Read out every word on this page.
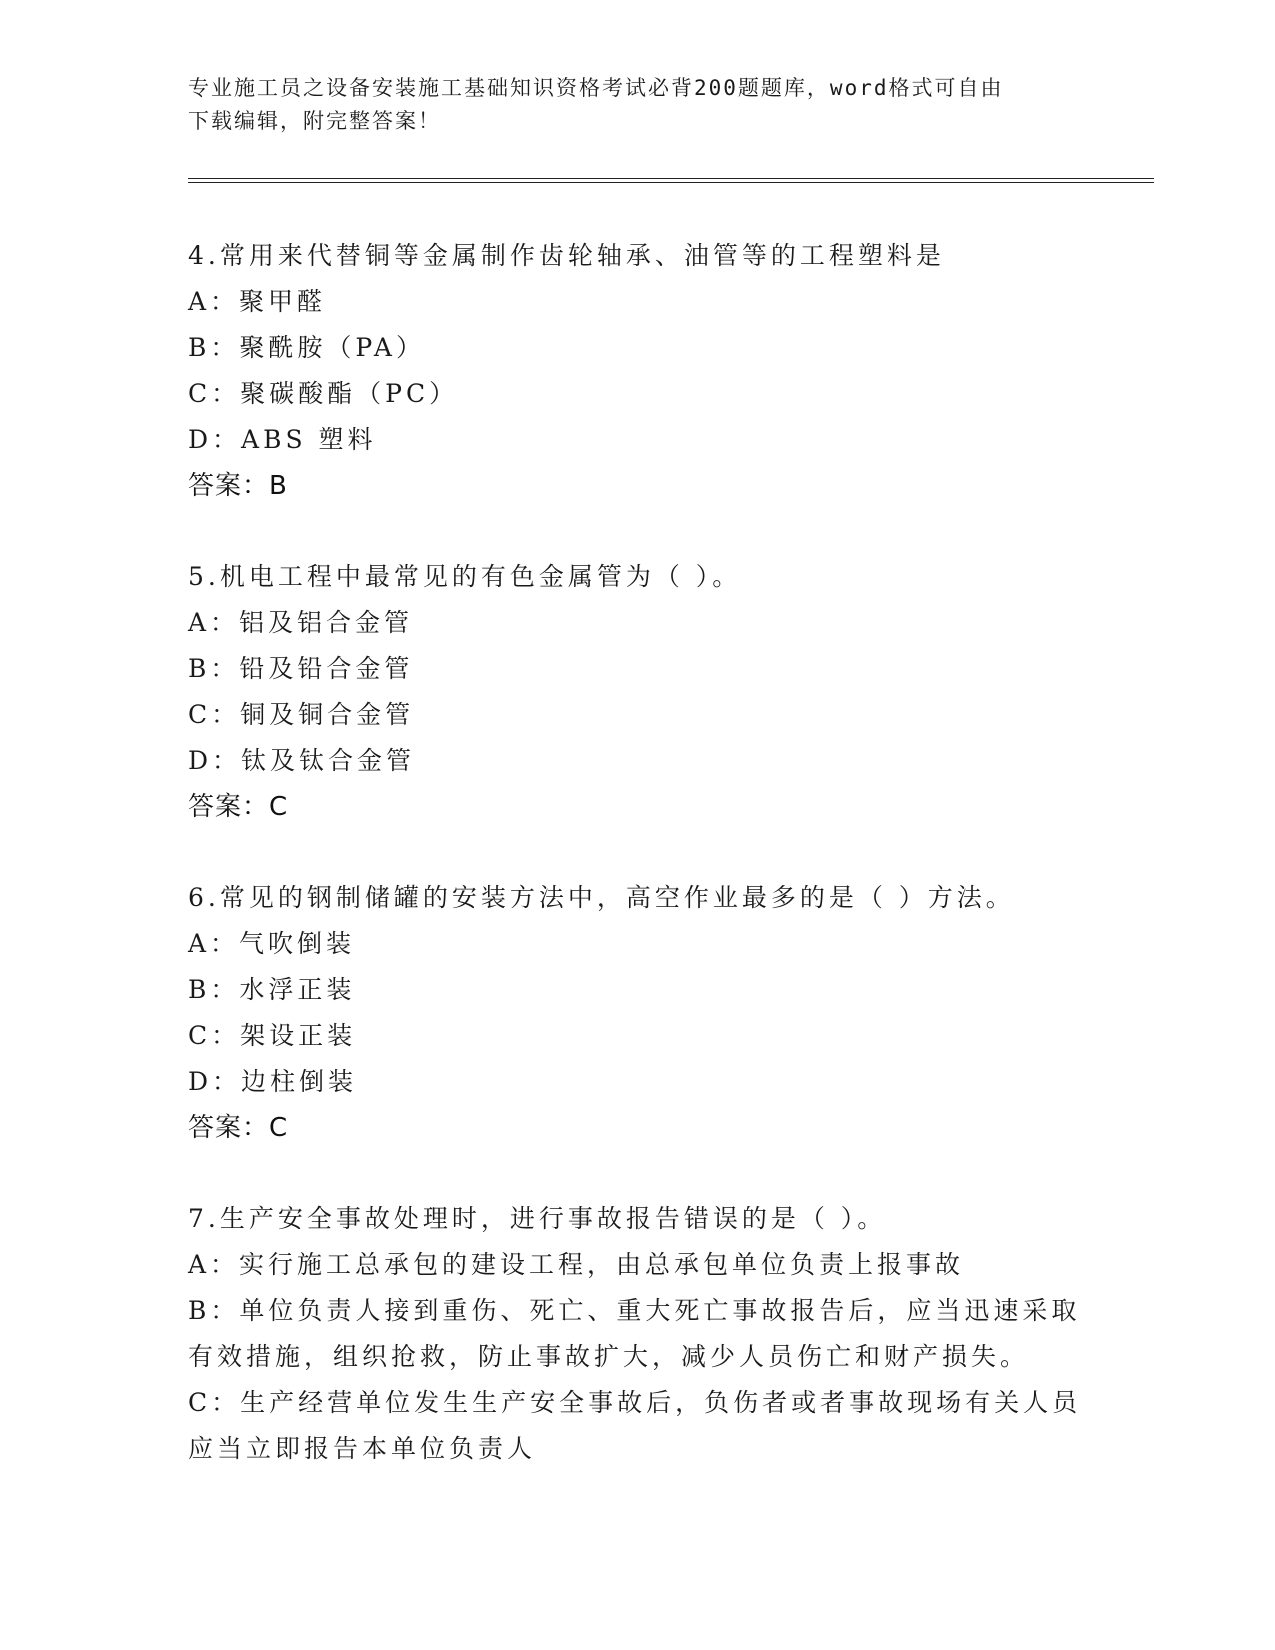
专业施工员之设备安装施工基础知识资格考试必背200题题库，word格式可自由
下载编辑，附完整答案！
4.常用来代替铜等金属制作齿轮轴承、油管等的工程塑料是
A：聚甲醛
B：聚酰胺（PA）
C：聚碳酸酯（PC）
D：ABS 塑料
答案：B
5.机电工程中最常见的有色金属管为（ ）。
A：铝及铝合金管
B：铅及铅合金管
C：铜及铜合金管
D：钛及钛合金管
答案：C
6.常见的钢制储罐的安装方法中，高空作业最多的是（ ）方法。
A：气吹倒装
B：水浮正装
C：架设正装
D：边柱倒装
答案：C
7.生产安全事故处理时，进行事故报告错误的是（ ）。
A：实行施工总承包的建设工程，由总承包单位负责上报事故
B：单位负责人接到重伤、死亡、重大死亡事故报告后，应当迅速采取
有效措施，组织抢救，防止事故扩大，减少人员伤亡和财产损失。
C：生产经营单位发生生产安全事故后，负伤者或者事故现场有关人员
应当立即报告本单位负责人
